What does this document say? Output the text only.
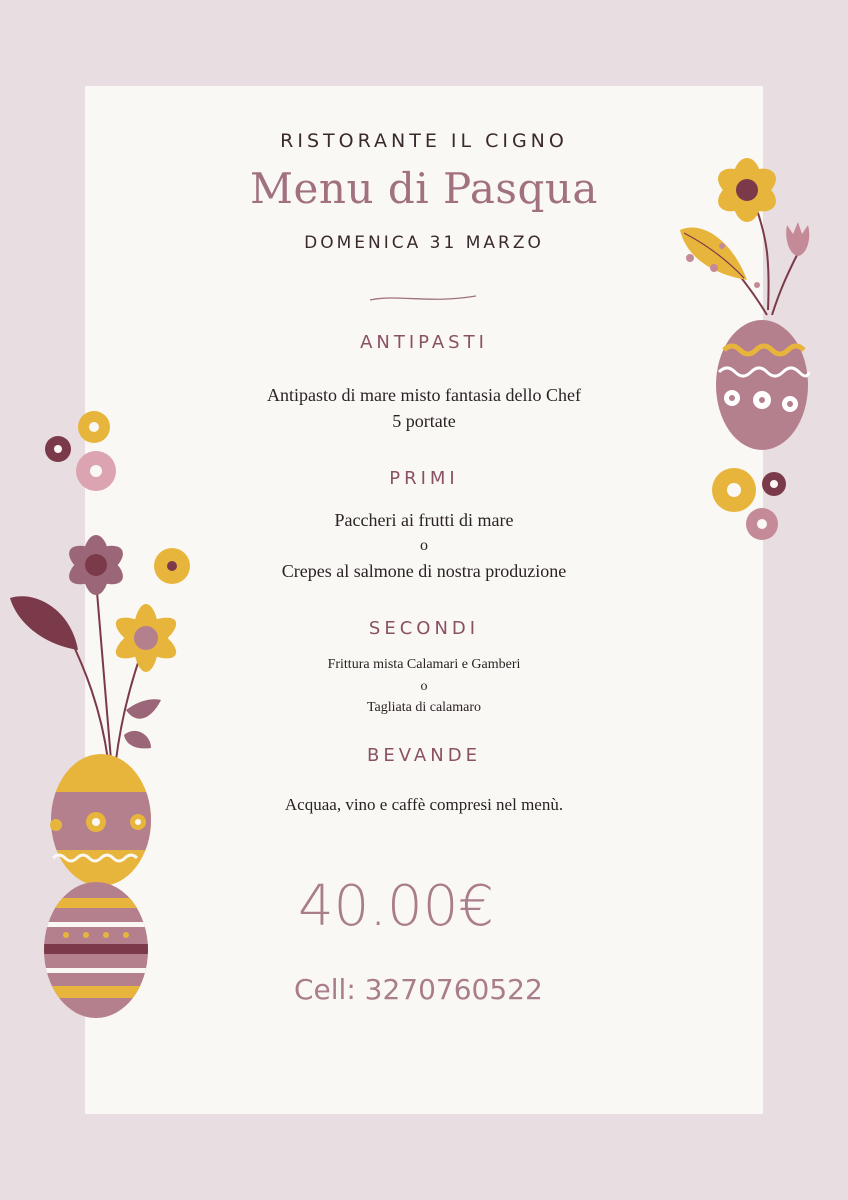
RISTORANTE IL CIGNO
Menu di Pasqua
DOMENICA 31 MARZO
ANTIPASTI
Antipasto di mare misto fantasia dello Chef
5 portate
PRIMI
Paccheri ai frutti di mare
o
Crepes al salmone di nostra produzione
SECONDI
Frittura mista Calamari e Gamberi
o
Tagliata di calamaro
BEVANDE
Acquaa, vino e caffè compresi nel menù.
40.00€
Cell: 3270760522
